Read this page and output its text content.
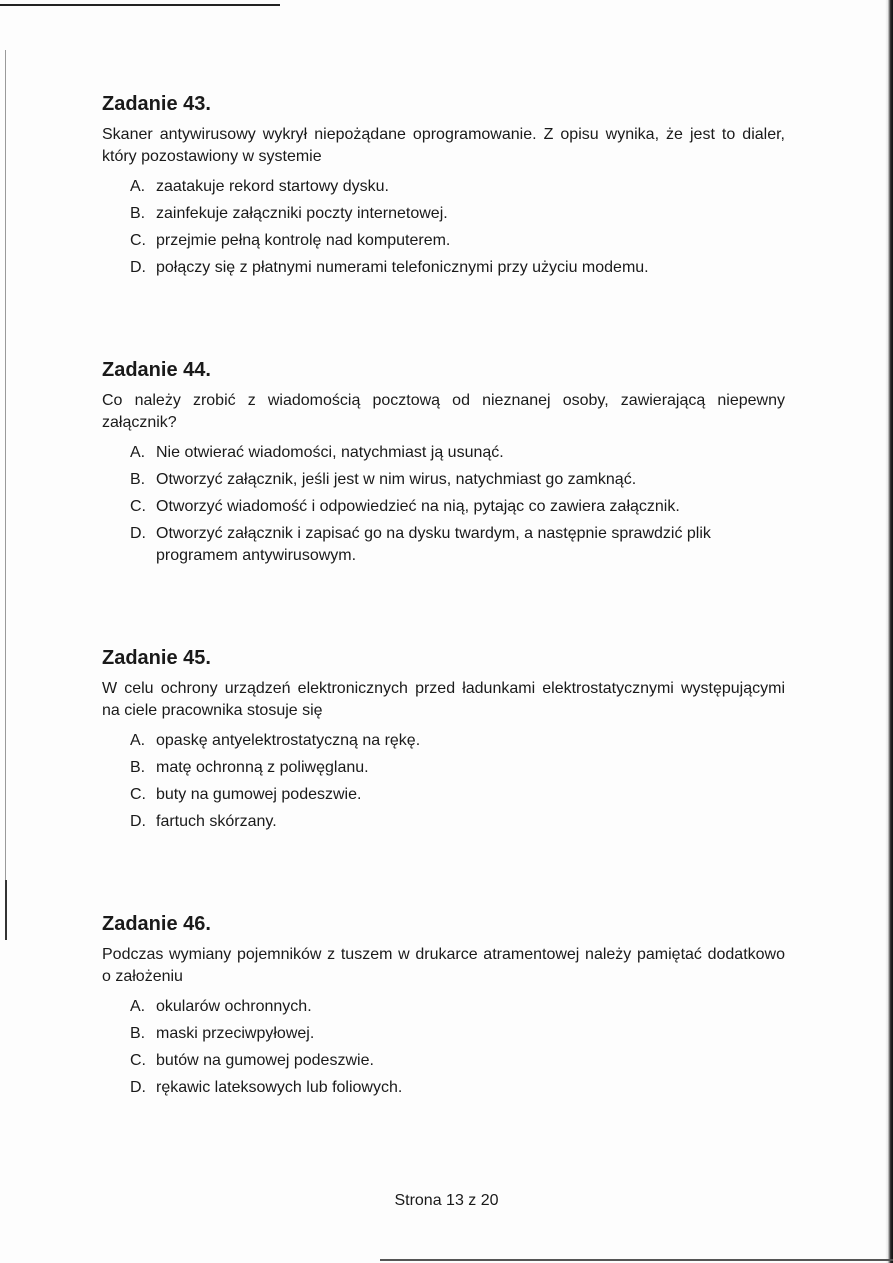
Zadanie 43.

Skaner antywirusowy wykrył niepożądane oprogramowanie. Z opisu wynika, że jest to dialer, który pozostawiony w systemie

A. zaatakuje rekord startowy dysku.
B. zainfekuje załączniki poczty internetowej.
C. przejmie pełną kontrolę nad komputerem.
D. połączy się z płatnymi numerami telefonicznymi przy użyciu modemu.
Zadanie 44.

Co należy zrobić z wiadomością pocztową od nieznanej osoby, zawierającą niepewny załącznik?

A. Nie otwierać wiadomości, natychmiast ją usunąć.
B. Otworzyć załącznik, jeśli jest w nim wirus, natychmiast go zamknąć.
C. Otworzyć wiadomość i odpowiedzieć na nią, pytając co zawiera załącznik.
D. Otworzyć załącznik i zapisać go na dysku twardym, a następnie sprawdzić plik programem antywirusowym.
Zadanie 45.

W celu ochrony urządzeń elektronicznych przed ładunkami elektrostatycznymi występującymi na ciele pracownika stosuje się

A. opaskę antyelektrostatyczną na rękę.
B. matę ochronną z poliwęglanu.
C. buty na gumowej podeszwie.
D. fartuch skórzany.
Zadanie 46.

Podczas wymiany pojemników z tuszem w drukarce atramentowej należy pamiętać dodatkowo o założeniu

A. okularów ochronnych.
B. maski przeciwpyłowej.
C. butów na gumowej podeszwie.
D. rękawic lateksowych lub foliowych.
Strona 13 z 20
